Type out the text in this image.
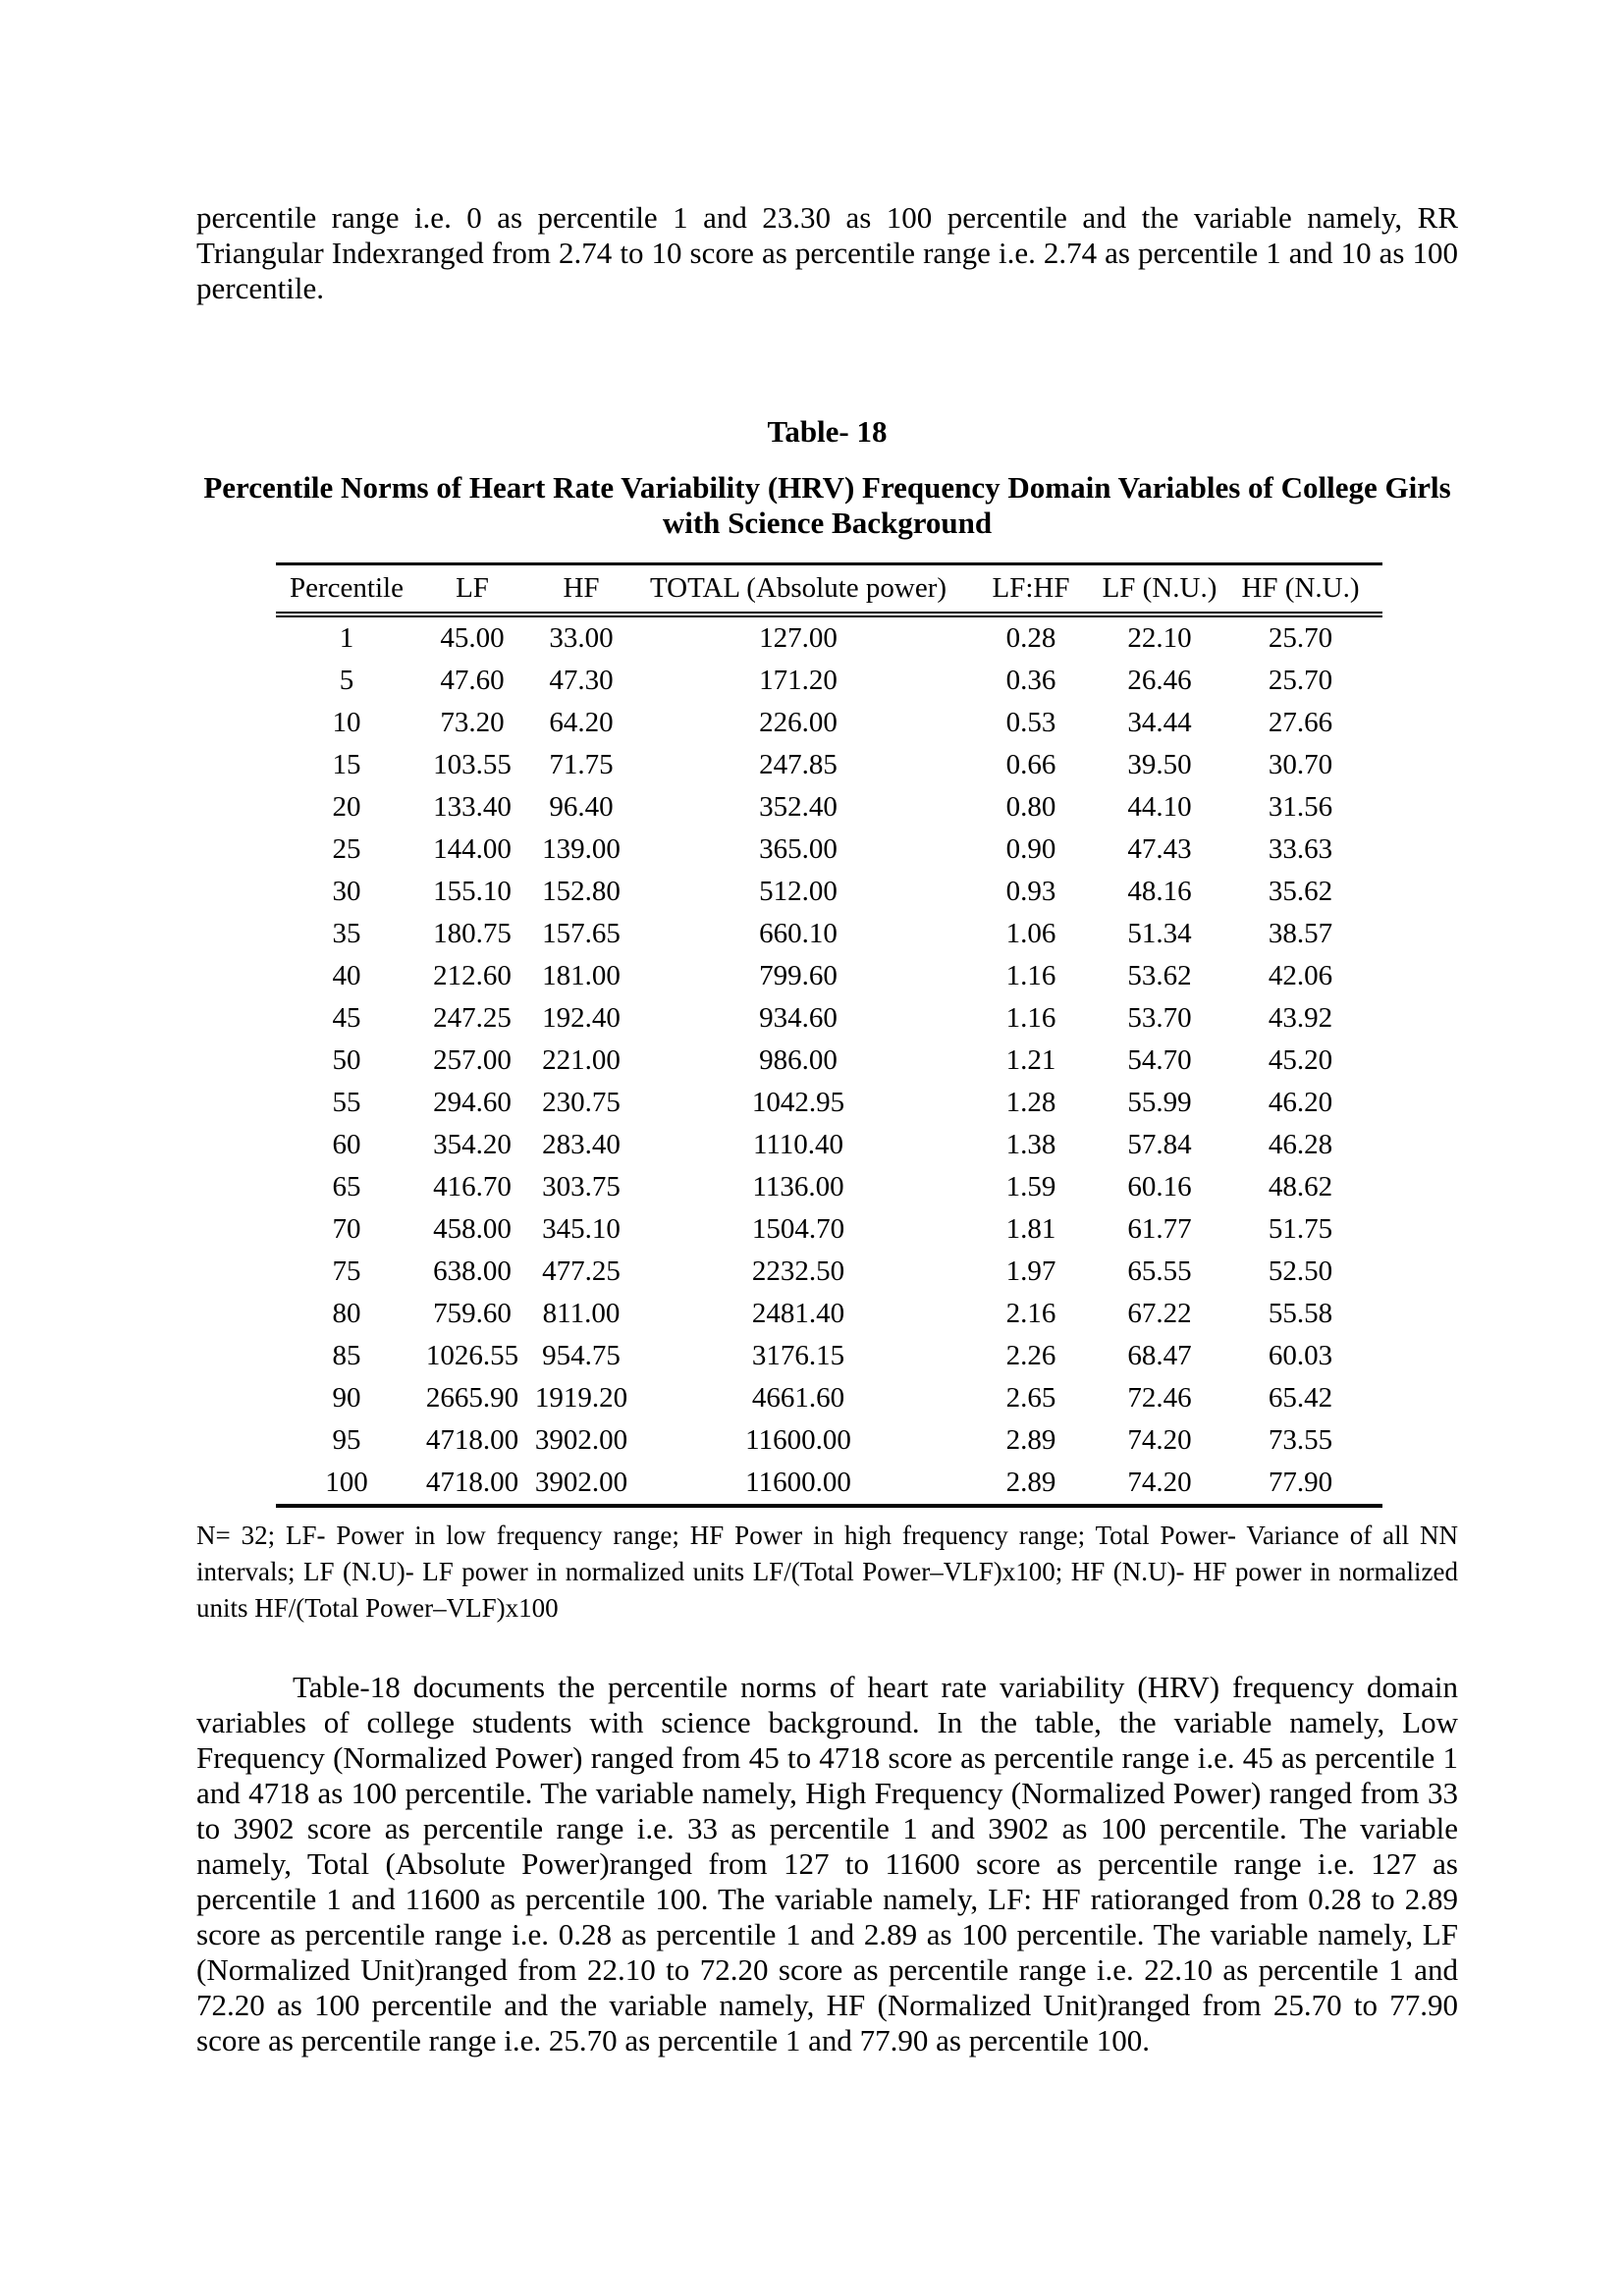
percentile range i.e. 0 as percentile 1 and 23.30 as 100 percentile and the variable namely, RR Triangular Indexranged from 2.74 to 10 score as percentile range i.e. 2.74 as percentile 1 and 10 as 100 percentile.

Table- 18
Percentile Norms of Heart Rate Variability (HRV) Frequency Domain Variables of College Girls with Science Background
Percentile	LF	HF	TOTAL (Absolute power)	LF:HF	LF (N.U.)	HF (N.U.)
1	45.00	33.00	127.00	0.28	22.10	25.70
5	47.60	47.30	171.20	0.36	26.46	25.70
10	73.20	64.20	226.00	0.53	34.44	27.66
15	103.55	71.75	247.85	0.66	39.50	30.70
20	133.40	96.40	352.40	0.80	44.10	31.56
25	144.00	139.00	365.00	0.90	47.43	33.63
30	155.10	152.80	512.00	0.93	48.16	35.62
35	180.75	157.65	660.10	1.06	51.34	38.57
40	212.60	181.00	799.60	1.16	53.62	42.06
45	247.25	192.40	934.60	1.16	53.70	43.92
50	257.00	221.00	986.00	1.21	54.70	45.20
55	294.60	230.75	1042.95	1.28	55.99	46.20
60	354.20	283.40	1110.40	1.38	57.84	46.28
65	416.70	303.75	1136.00	1.59	60.16	48.62
70	458.00	345.10	1504.70	1.81	61.77	51.75
75	638.00	477.25	2232.50	1.97	65.55	52.50
80	759.60	811.00	2481.40	2.16	67.22	55.58
85	1026.55	954.75	3176.15	2.26	68.47	60.03
90	2665.90	1919.20	4661.60	2.65	72.46	65.42
95	4718.00	3902.00	11600.00	2.89	74.20	73.55
100	4718.00	3902.00	11600.00	2.89	74.20	77.90

N= 32; LF- Power in low frequency range; HF Power in high frequency range; Total Power- Variance of all NN intervals; LF (N.U)- LF power in normalized units LF/(Total Power–VLF)x100; HF (N.U)- HF power in normalized units HF/(Total Power–VLF)x100

Table-18 documents the percentile norms of heart rate variability (HRV) frequency domain variables of college students with science background. In the table, the variable namely, Low Frequency (Normalized Power) ranged from 45 to 4718 score as percentile range i.e. 45 as percentile 1 and 4718 as 100 percentile. The variable namely, High Frequency (Normalized Power) ranged from 33 to 3902 score as percentile range i.e. 33 as percentile 1 and 3902 as 100 percentile. The variable namely, Total (Absolute Power)ranged from 127 to 11600 score as percentile range i.e. 127 as percentile 1 and 11600 as percentile 100. The variable namely, LF: HF ratioranged from 0.28 to 2.89 score as percentile range i.e. 0.28 as percentile 1 and 2.89 as 100 percentile. The variable namely, LF (Normalized Unit)ranged from 22.10 to 72.20 score as percentile range i.e. 22.10 as percentile 1 and 72.20 as 100 percentile and the variable namely, HF (Normalized Unit)ranged from 25.70 to 77.90 score as percentile range i.e. 25.70 as percentile 1 and 77.90 as percentile 100.
